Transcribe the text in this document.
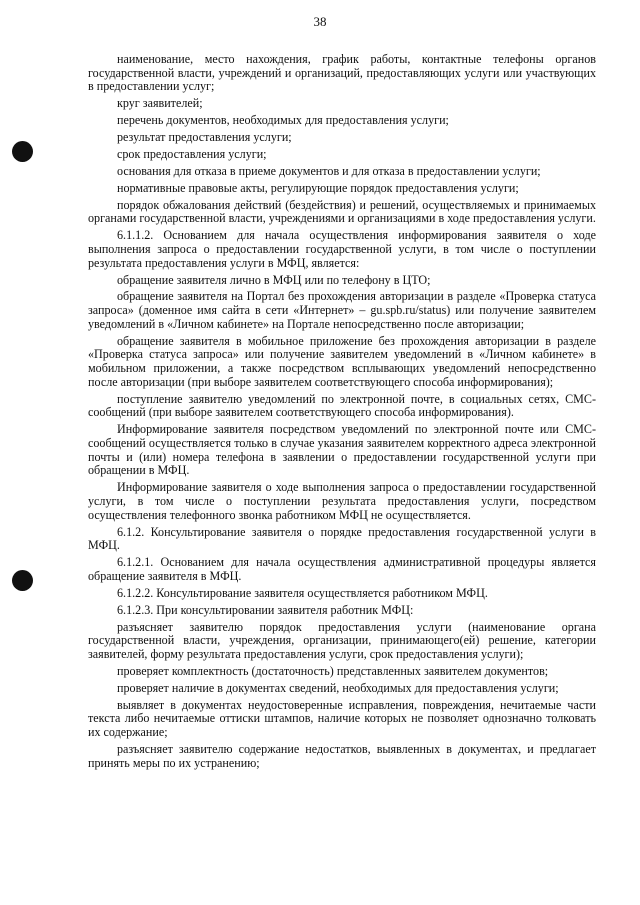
38

наименование, место нахождения, график работы, контактные телефоны органов государственной власти, учреждений и организаций, предоставляющих услуги или участвующих в предоставлении услуг;

круг заявителей;

перечень документов, необходимых для предоставления услуги;

результат предоставления услуги;

срок предоставления услуги;

основания для отказа в приеме документов и для отказа в предоставлении услуги;

нормативные правовые акты, регулирующие порядок предоставления услуги;

порядок обжалования действий (бездействия) и решений, осуществляемых и принимаемых органами государственной власти, учреждениями и организациями в ходе предоставления услуги.

6.1.1.2. Основанием для начала осуществления информирования заявителя о ходе выполнения запроса о предоставлении государственной услуги, в том числе о поступлении результата предоставления услуги в МФЦ, является:

обращение заявителя лично в МФЦ или по телефону в ЦТО;

обращение заявителя на Портал без прохождения авторизации в разделе «Проверка статуса запроса» (доменное имя сайта в сети «Интернет» – gu.spb.ru/status) или получение заявителем уведомлений в «Личном кабинете» на Портале непосредственно после авторизации;

обращение заявителя в мобильное приложение без прохождения авторизации в разделе «Проверка статуса запроса» или получение заявителем уведомлений в «Личном кабинете» в мобильном приложении, а также посредством всплывающих уведомлений непосредственно после авторизации (при выборе заявителем соответствующего способа информирования);

поступление заявителю уведомлений по электронной почте, в социальных сетях, СМС-сообщений (при выборе заявителем соответствующего способа информирования).

Информирование заявителя посредством уведомлений по электронной почте или СМС-сообщений осуществляется только в случае указания заявителем корректного адреса электронной почты и (или) номера телефона в заявлении о предоставлении государственной услуги при обращении в МФЦ.

Информирование заявителя о ходе выполнения запроса о предоставлении государственной услуги, в том числе о поступлении результата предоставления услуги, посредством осуществления телефонного звонка работником МФЦ не осуществляется.

6.1.2. Консультирование заявителя о порядке предоставления государственной услуги в МФЦ.

6.1.2.1. Основанием для начала осуществления административной процедуры является обращение заявителя в МФЦ.

6.1.2.2. Консультирование заявителя осуществляется работником МФЦ.

6.1.2.3. При консультировании заявителя работник МФЦ:

разъясняет заявителю порядок предоставления услуги (наименование органа государственной власти, учреждения, организации, принимающего(ей) решение, категории заявителей, форму результата предоставления услуги, срок предоставления услуги);

проверяет комплектность (достаточность) представленных заявителем документов;

проверяет наличие в документах сведений, необходимых для предоставления услуги;

выявляет в документах неудостоверенные исправления, повреждения, нечитаемые части текста либо нечитаемые оттиски штампов, наличие которых не позволяет однозначно толковать их содержание;

разъясняет заявителю содержание недостатков, выявленных в документах, и предлагает принять меры по их устранению;
